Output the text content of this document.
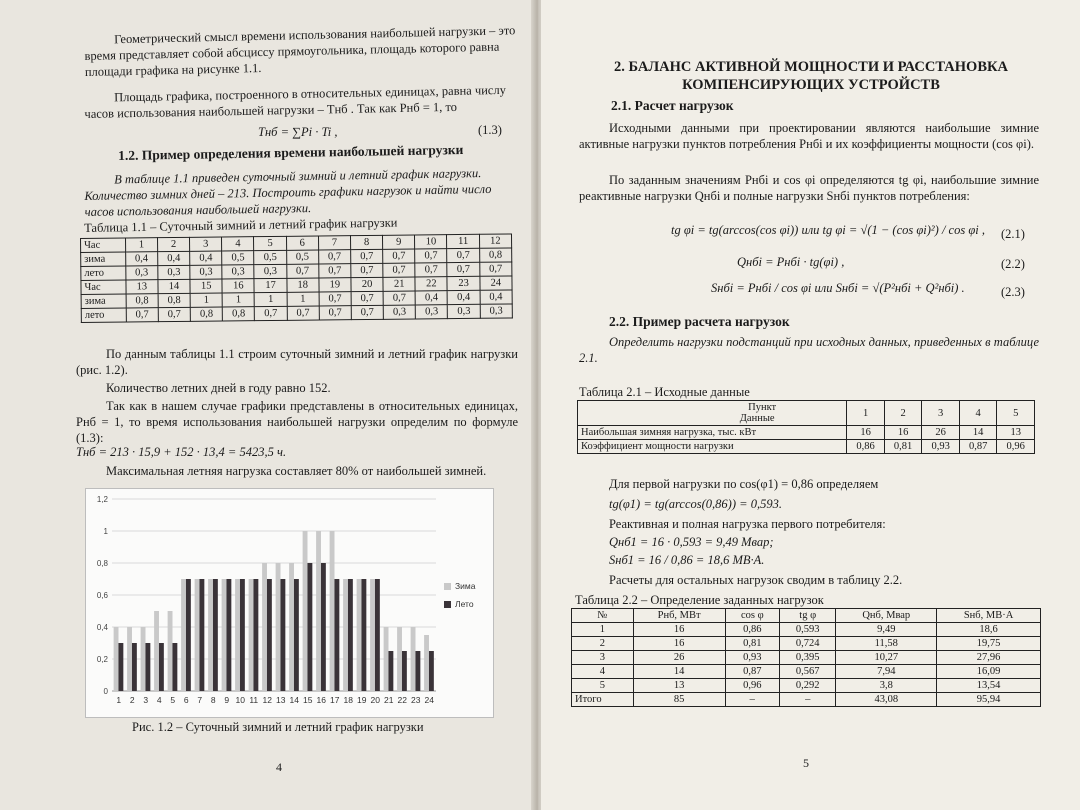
Геометрический смысл времени использования наибольшей нагрузки – это время представляет собой абсциссу прямоугольника, площадь которого равна площади графика на рисунке 1.1.
Площадь графика, построенного в относительных единицах, равна числу часов использования наибольшей нагрузки – Tнб . Так как Pнб = 1, то
Tнб = ∑Pi · Ti ,	(1.3)
1.2. Пример определения времени наибольшей нагрузки
В таблице 1.1 приведен суточный зимний и летний график нагрузки. Количество зимних дней – 213. Построить графики нагрузок и найти число часов использования наибольшей нагрузки.
Таблица 1.1 – Суточный зимний и летний график нагрузки
Час	1	2	3	4	5	6	7	8	9	10	11	12
зима	0,4	0,4	0,4	0,5	0,5	0,5	0,7	0,7	0,7	0,7	0,7	0,8
лето	0,3	0,3	0,3	0,3	0,3	0,7	0,7	0,7	0,7	0,7	0,7	0,7
Час	13	14	15	16	17	18	19	20	21	22	23	24
зима	0,8	0,8	1	1	1	1	0,7	0,7	0,7	0,4	0,4	0,4
лето	0,7	0,7	0,8	0,8	0,7	0,7	0,7	0,7	0,3	0,3	0,3	0,3
По данным таблицы 1.1 строим суточный зимний и летний график нагрузки (рис. 1.2).
Количество летних дней в году равно 152.
Так как в нашем случае графики представлены в относительных единицах, Pнб = 1, то время использования наибольшей нагрузки определим по формуле (1.3):
Tнб = 213 · 15,9 + 152 · 13,4 = 5423,5 ч.
Максимальная летняя нагрузка составляет 80% от наибольшей зимней.
0
0,2
0,4
0,6
0,8
1
1,2
1 2 3 4 5 6 7 8 9 10 11 12 13 14 15 16 17 18 19 20 21 22 23 24
Зима
Лето
Рис. 1.2 – Суточный зимний и летний график нагрузки
4
2. БАЛАНС АКТИВНОЙ МОЩНОСТИ И РАССТАНОВКА
КОМПЕНСИРУЮЩИХ УСТРОЙСТВ
2.1. Расчет нагрузок
Исходными данными при проектировании являются наибольшие зимние активные нагрузки пунктов потребления Pнбi и их коэффициенты мощности (cos φi).
По заданным значениям Pнбi и cos φi определяются tg φi, наибольшие зимние реактивные нагрузки Qнбi и полные нагрузки Sнбi пунктов потребления:
tg φi = tg(arccos(cos φi)) или tg φi = √(1 − (cos φi)²) / cos φi , (2.1)
Qнбi = Pнбi · tg(φi) ,	(2.2)
Sнбi = Pнбi / cos φi или Sнбi = √(P²нбi + Q²нбi) .	(2.3)
2.2. Пример расчета нагрузок
Определить нагрузки подстанций при исходных данных, приведенных в таблице 2.1.
Таблица 2.1 – Исходные данные
Пункт
Данные	1	2	3	4	5
Наибольшая зимняя нагрузка, тыс. кВт	16	16	26	14	13
Коэффициент мощности нагрузки	0,86	0,81	0,93	0,87	0,96
Для первой нагрузки по cos(φ1) = 0,86 определяем
tg(φ1) = tg(arccos(0,86)) = 0,593.
Реактивная и полная нагрузка первого потребителя:
Qнб1 = 16 · 0,593 = 9,49 Мвар;
Sнб1 = 16 / 0,86 = 18,6 МВ·А.
Расчеты для остальных нагрузок сводим в таблицу 2.2.
Таблица 2.2 – Определение заданных нагрузок
№	Pнб, МВт	cos φ	tg φ	Qнб, Мвар	Sнб, МВ·А
1	16	0,86	0,593	9,49	18,6
2	16	0,81	0,724	11,58	19,75
3	26	0,93	0,395	10,27	27,96
4	14	0,87	0,567	7,94	16,09
5	13	0,96	0,292	3,8	13,54
Итого	85	–	–	43,08	95,94
5
